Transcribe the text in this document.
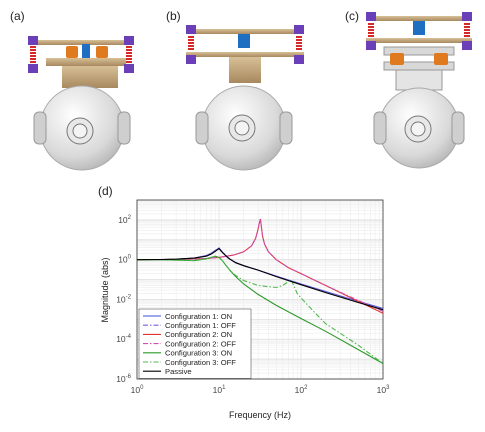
(a)	(b)	(c)
(d)
$10^0$	$10^1$	$10^2$	$10^3$
$10^2$
$10^0$
$10^{-2}$
$10^{-4}$
$10^{-6}$
Frequency (Hz)
Magnitude (abs)	Configuration 1: ON
Configuration 1: OFF
Configuration 2: ON
Configuration 2: OFF
Configuration 3: ON
Configuration 3: OFF
Passive
